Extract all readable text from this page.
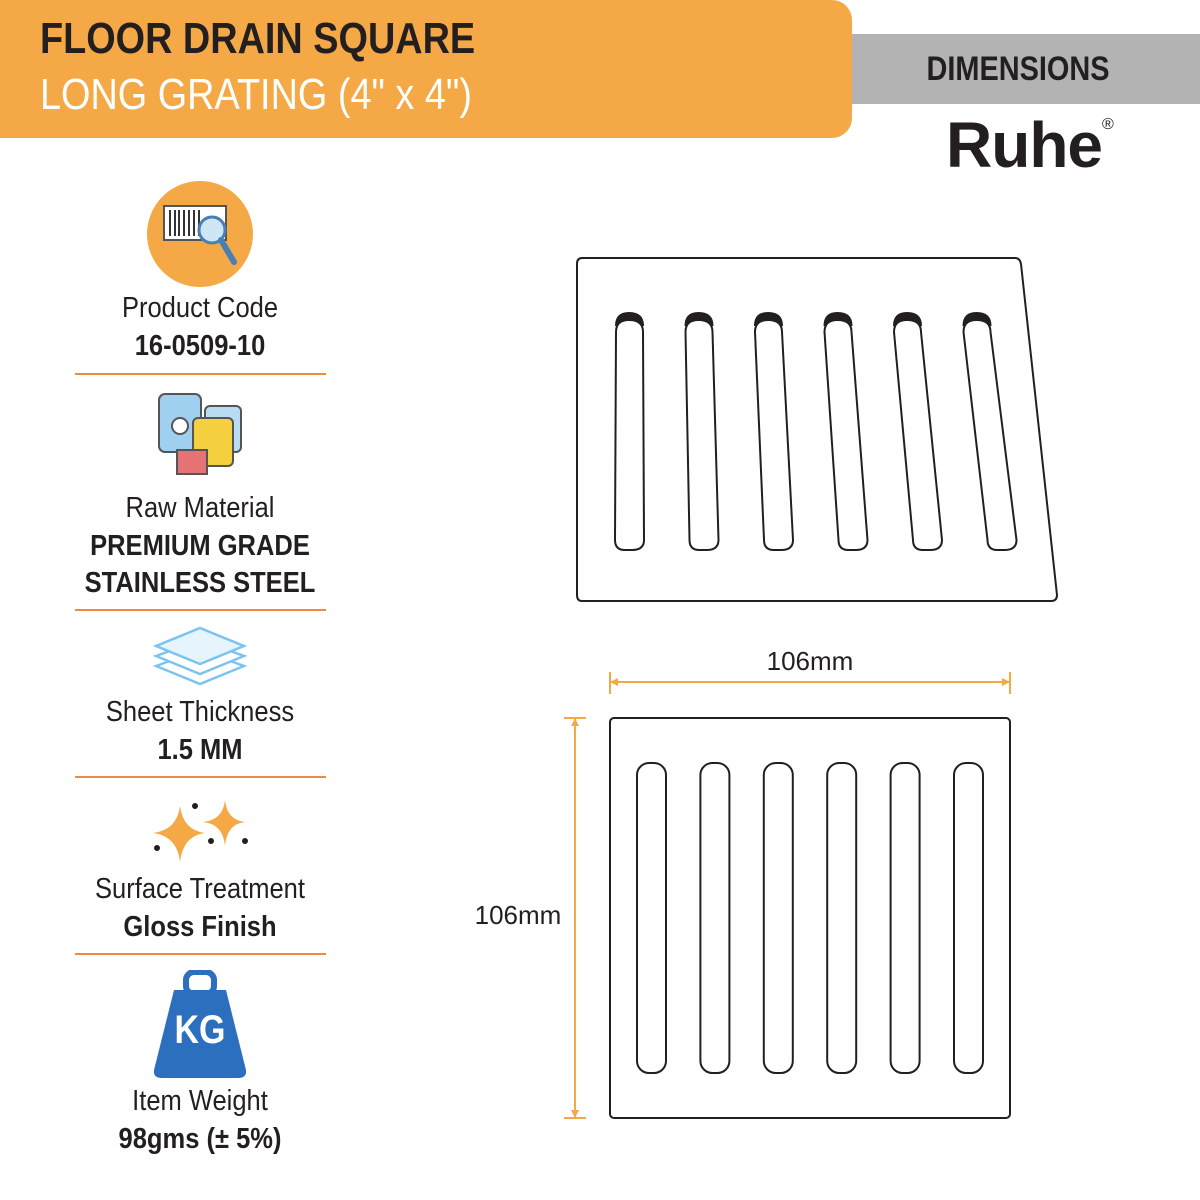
FLOOR DRAIN SQUARE
LONG GRATING (4" x 4")
DIMENSIONS
Ruhe®
Product Code
16-0509-10
Raw Material
PREMIUM GRADE
STAINLESS STEEL
Sheet Thickness
1.5 MM
Surface Treatment
Gloss Finish
KG
Item Weight
98gms (± 5%)
106mm
106mm
